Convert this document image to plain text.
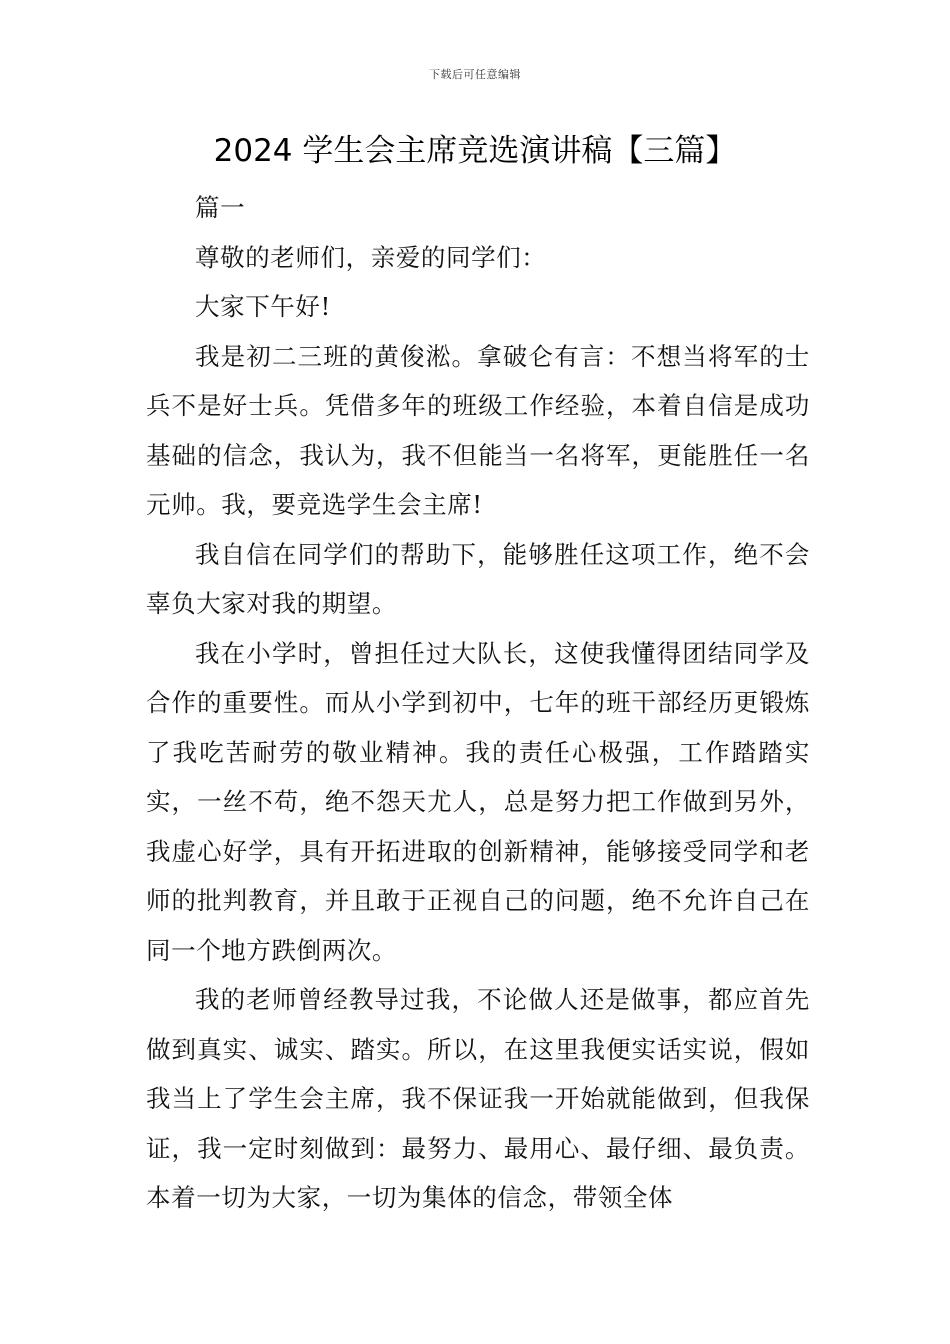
下载后可任意编辑
2024 学生会主席竞选演讲稿【三篇】

篇一

尊敬的老师们，亲爱的同学们：

大家下午好!

我是初二三班的黄俊淞。拿破仑有言：不想当将军的士兵不是好士兵。凭借多年的班级工作经验，本着自信是成功基础的信念，我认为，我不但能当一名将军，更能胜任一名元帅。我，要竞选学生会主席!

我自信在同学们的帮助下，能够胜任这项工作，绝不会辜负大家对我的期望。

我在小学时，曾担任过大队长，这使我懂得团结同学及合作的重要性。而从小学到初中，七年的班干部经历更锻炼了我吃苦耐劳的敬业精神。我的责任心极强，工作踏踏实实，一丝不苟，绝不怨天尤人，总是努力把工作做到另外，我虚心好学，具有开拓进取的创新精神，能够接受同学和老师的批判教育，并且敢于正视自己的问题，绝不允许自己在同一个地方跌倒两次。

我的老师曾经教导过我，不论做人还是做事，都应首先做到真实、诚实、踏实。所以，在这里我便实话实说，假如我当上了学生会主席，我不保证我一开始就能做到，但我保证，我一定时刻做到：最努力、最用心、最仔细、最负责。本着一切为大家，一切为集体的信念，带领全体
